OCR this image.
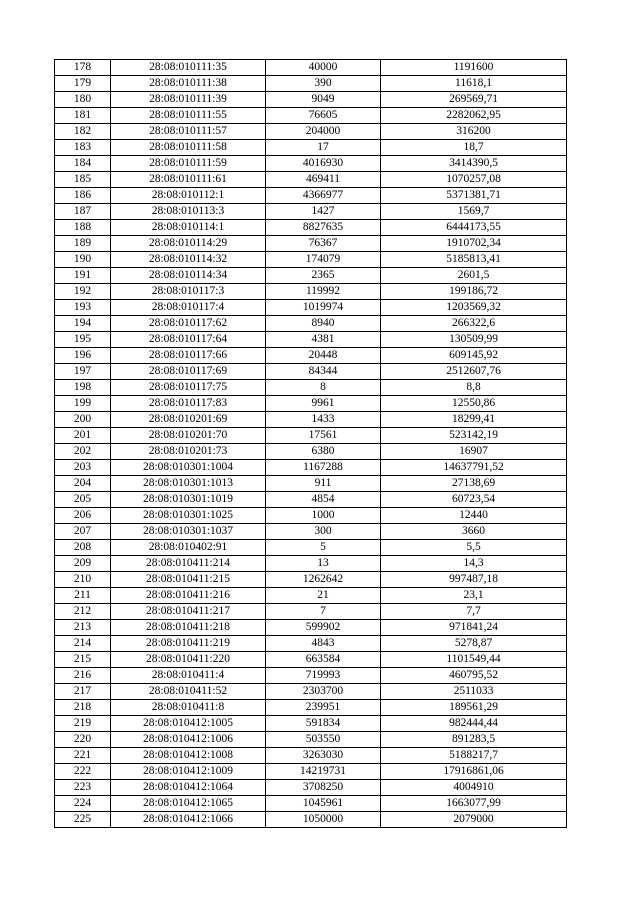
178	28:08:010111:35	40000	1191600
179	28:08:010111:38	390	11618,1
180	28:08:010111:39	9049	269569,71
181	28:08:010111:55	76605	2282062,95
182	28:08:010111:57	204000	316200
183	28:08:010111:58	17	18,7
184	28:08:010111:59	4016930	3414390,5
185	28:08:010111:61	469411	1070257,08
186	28:08:010112:1	4366977	5371381,71
187	28:08:010113:3	1427	1569,7
188	28:08:010114:1	8827635	6444173,55
189	28:08:010114:29	76367	1910702,34
190	28:08:010114:32	174079	5185813,41
191	28:08:010114:34	2365	2601,5
192	28:08:010117:3	119992	199186,72
193	28:08:010117:4	1019974	1203569,32
194	28:08:010117:62	8940	266322,6
195	28:08:010117:64	4381	130509,99
196	28:08:010117:66	20448	609145,92
197	28:08:010117:69	84344	2512607,76
198	28:08:010117:75	8	8,8
199	28:08:010117:83	9961	12550,86
200	28:08:010201:69	1433	18299,41
201	28:08:010201:70	17561	523142,19
202	28:08:010201:73	6380	16907
203	28:08:010301:1004	1167288	14637791,52
204	28:08:010301:1013	911	27138,69
205	28:08:010301:1019	4854	60723,54
206	28:08:010301:1025	1000	12440
207	28:08:010301:1037	300	3660
208	28:08:010402:91	5	5,5
209	28:08:010411:214	13	14,3
210	28:08:010411:215	1262642	997487,18
211	28:08:010411:216	21	23,1
212	28:08:010411:217	7	7,7
213	28:08:010411:218	599902	971841,24
214	28:08:010411:219	4843	5278,87
215	28:08:010411:220	663584	1101549,44
216	28:08:010411:4	719993	460795,52
217	28:08:010411:52	2303700	2511033
218	28:08:010411:8	239951	189561,29
219	28:08:010412:1005	591834	982444,44
220	28:08:010412:1006	503550	891283,5
221	28:08:010412:1008	3263030	5188217,7
222	28:08:010412:1009	14219731	17916861,06
223	28:08:010412:1064	3708250	4004910
224	28:08:010412:1065	1045961	1663077,99
225	28:08:010412:1066	1050000	2079000
